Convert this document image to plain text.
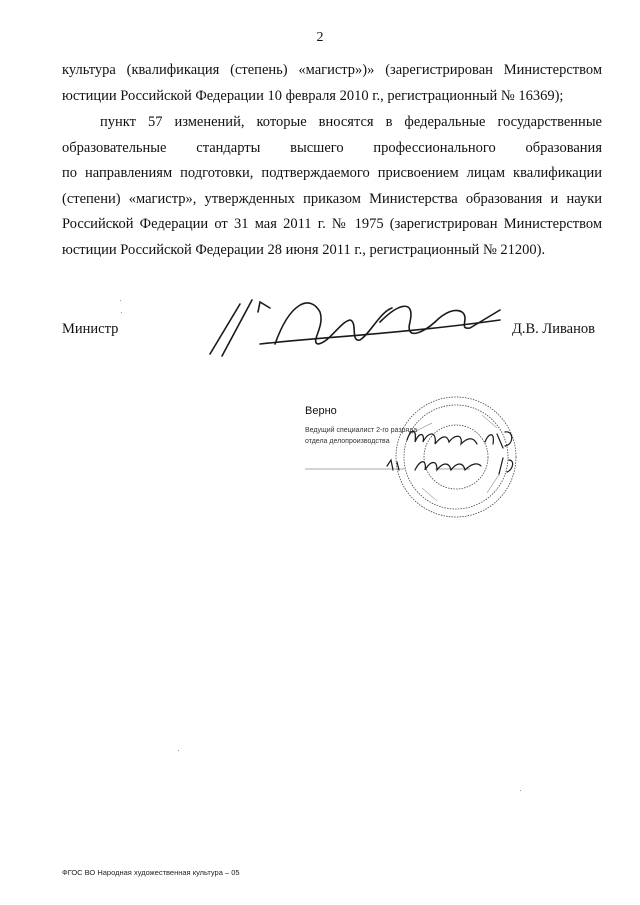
2
культура (квалификация (степень) «магистр»)» (зарегистрирован Министерством
юстиции Российской Федерации 10 февраля 2010 г., регистрационный № 16369);
пункт 57 изменений, которые вносятся в федеральные государственные
образовательные стандарты высшего профессионального образования
по направлениям подготовки, подтверждаемого присвоением лицам квалификации
(степени) «магистр», утвержденных приказом Министерства образования и науки
Российской Федерации от 31 мая 2011 г. № 1975 (зарегистрирован Министерством
юстиции Российской Федерации 28 июня 2011 г., регистрационный № 21200).
Министр	Д.В. Ливанов
Верно
Ведущий специалист 2-го разряда
отдела делопроизводства
ФГОС ВО Народная художественная культура – 05
